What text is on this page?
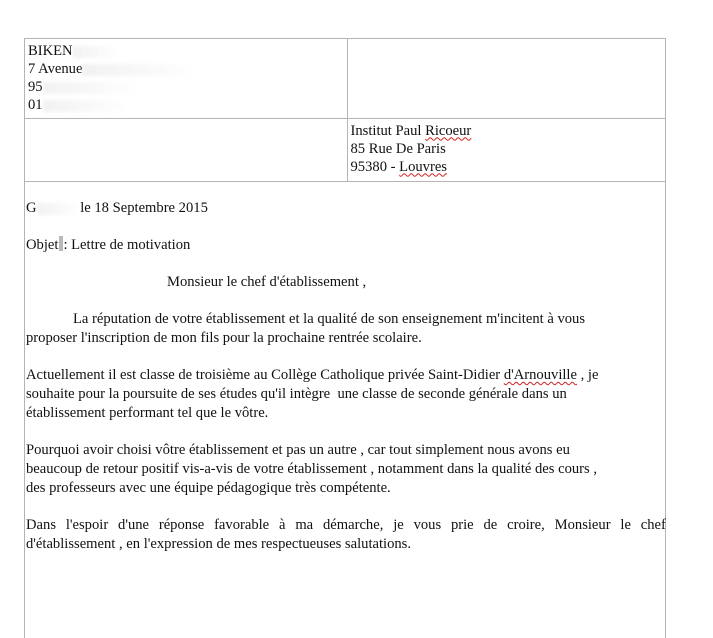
BIKEN
7 Avenue
95
01	

	Institut Paul Ricoeur
85 Rue De Paris
95380 - Louvres
G	le 18 Septembre 2015
Objet : Lettre de motivation
Monsieur le chef d'établissement ,
La réputation de votre établissement et la qualité de son enseignement m'incitent à vous
proposer l'inscription de mon fils pour la prochaine rentrée scolaire.
Actuellement il est classe de troisième au Collège Catholique privée Saint-Didier d'Arnouville , je
souhaite pour la poursuite de ses études qu'il intègre  une classe de seconde générale dans un
établissement performant tel que le vôtre.
Pourquoi avoir choisi vôtre établissement et pas un autre , car tout simplement nous avons eu
beaucoup de retour positif vis-a-vis de votre établissement , notamment dans la qualité des cours ,
des professeurs avec une équipe pédagogique très compétente.
Dans l'espoir d'une réponse favorable à ma démarche, je vous prie de croire, Monsieur le chef
d'établissement , en l'expression de mes respectueuses salutations.
